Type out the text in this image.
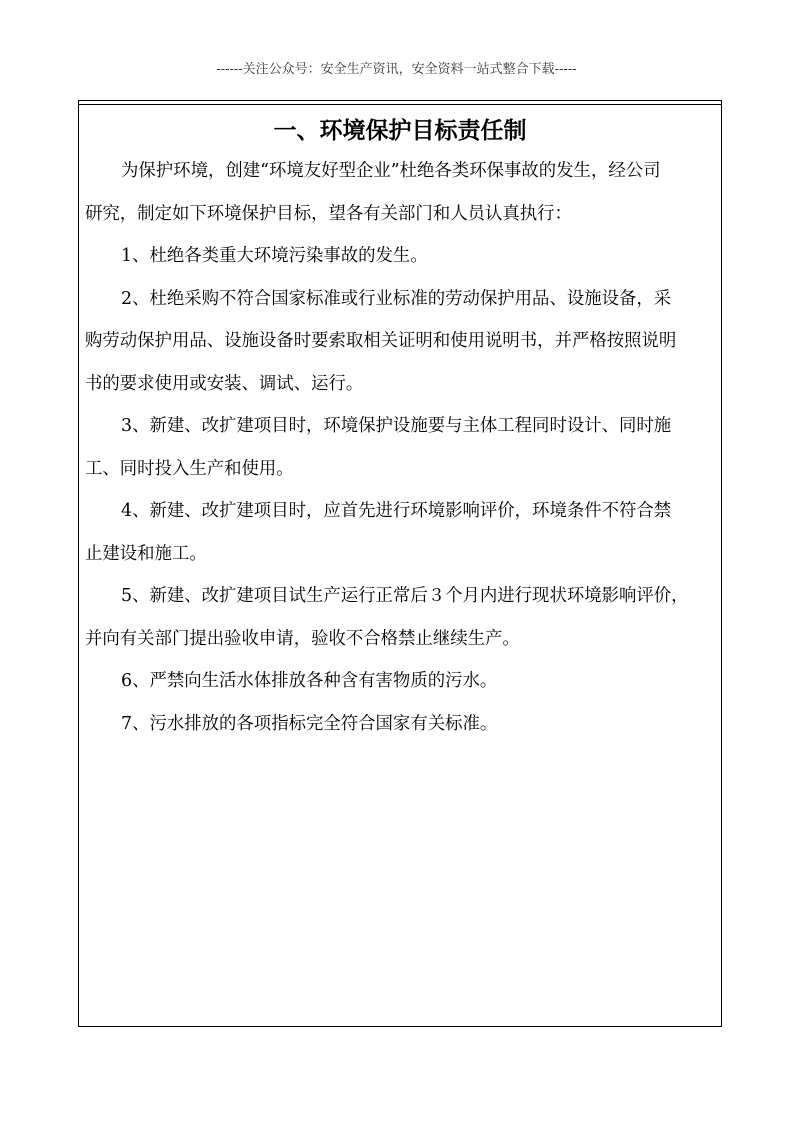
------关注公众号：安全生产资讯，安全资料一站式整合下载-----
一、环境保护目标责任制
为保护环境，创建“环境友好型企业”杜绝各类环保事故的发生，经公司
研究，制定如下环境保护目标，望各有关部门和人员认真执行：
1、杜绝各类重大环境污染事故的发生。
2、杜绝采购不符合国家标准或行业标准的劳动保护用品、设施设备，采
购劳动保护用品、设施设备时要索取相关证明和使用说明书，并严格按照说明
书的要求使用或安装、调试、运行。
3、新建、改扩建项目时，环境保护设施要与主体工程同时设计、同时施
工、同时投入生产和使用。
4、新建、改扩建项目时，应首先进行环境影响评价，环境条件不符合禁
止建设和施工。
5、新建、改扩建项目试生产运行正常后３个月内进行现状环境影响评价，
并向有关部门提出验收申请，验收不合格禁止继续生产。
6、严禁向生活水体排放各种含有害物质的污水。
7、污水排放的各项指标完全符合国家有关标准。
